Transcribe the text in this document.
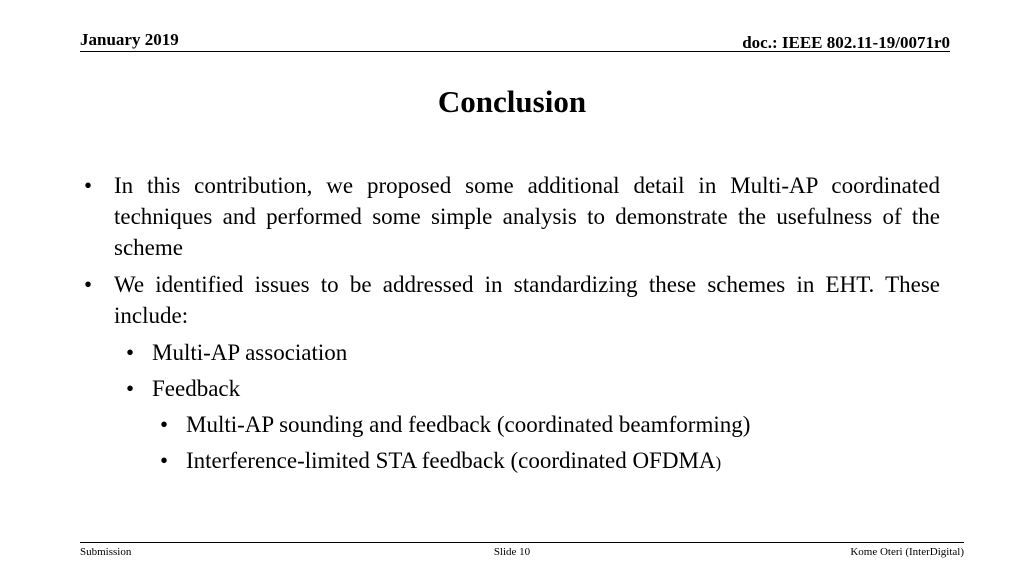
January 2019	doc.: IEEE 802.11-19/0071r0
Conclusion
• In this contribution, we proposed some additional detail in Multi-AP coordinated techniques and performed some simple analysis to demonstrate the usefulness of the scheme
• We identified issues to be addressed in standardizing these schemes in EHT. These include:
• Multi-AP association
• Feedback
• Multi-AP sounding and feedback (coordinated beamforming)
• Interference-limited STA feedback (coordinated OFDMA)
Submission	Slide 10	Kome Oteri (InterDigital)
